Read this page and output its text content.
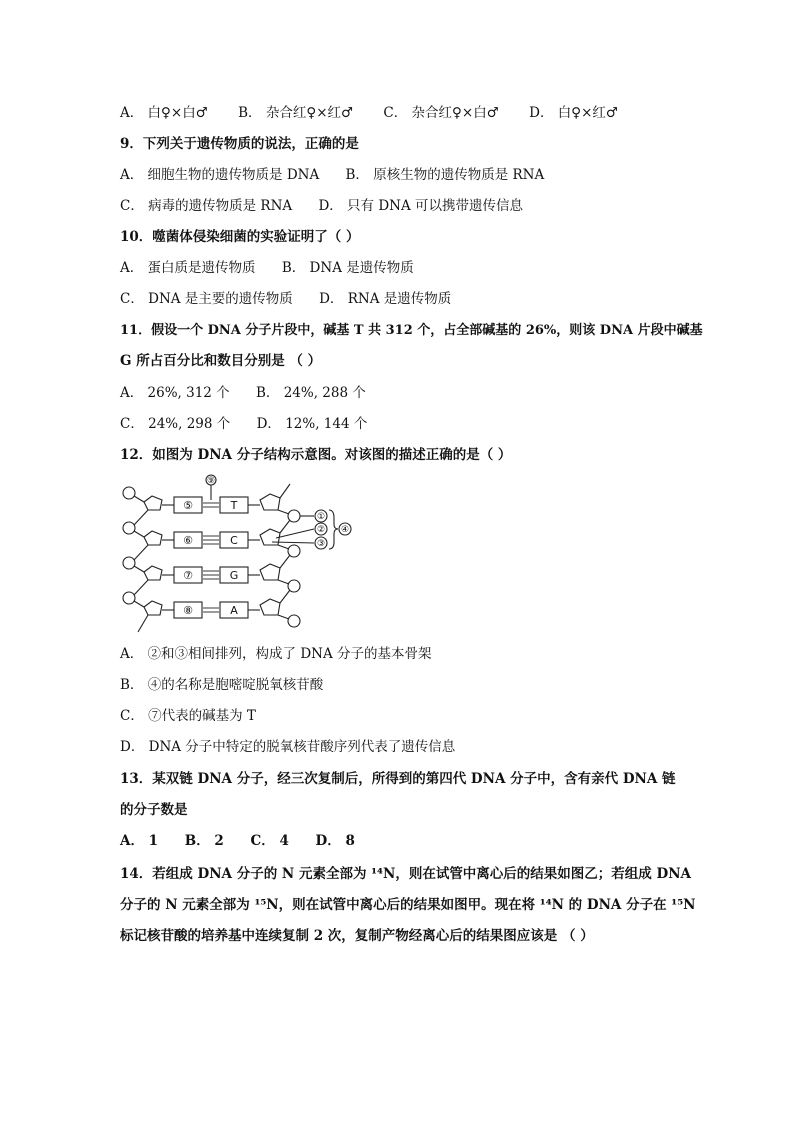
A． 白♀×白♂ B． 杂合红♀×红♂ C． 杂合红♀×白♂ D． 白♀×红♂
9．下列关于遗传物质的说法，正确的是
A． 细胞生物的遗传物质是 DNA B． 原核生物的遗传物质是 RNA
C． 病毒的遗传物质是 RNA D． 只有 DNA 可以携带遗传信息
10．噬菌体侵染细菌的实验证明了（ ）
A． 蛋白质是遗传物质 B． DNA 是遗传物质
C． DNA 是主要的遗传物质 D． RNA 是遗传物质
11．假设一个 DNA 分子片段中，碱基 T 共 312 个，占全部碱基的 26%，则该 DNA 片段中碱基
G 所占百分比和数目分别是 （ ）
A． 26%, 312 个 B． 24%, 288 个
C． 24%, 298 个 D． 12%, 144 个
12．如图为 DNA 分子结构示意图。对该图的描述正确的是（ ）
⑨
①
②
③
④
⑤
⑥
⑦
⑧
T
C
G
A
A． ②和③相间排列，构成了 DNA 分子的基本骨架
B． ④的名称是胞嘧啶脱氧核苷酸
C． ⑦代表的碱基为 T
D． DNA 分子中特定的脱氧核苷酸序列代表了遗传信息
13．某双链 DNA 分子，经三次复制后，所得到的第四代 DNA 分子中，含有亲代 DNA 链
的分子数是
A． 1 B． 2 C． 4 D． 8
14．若组成 DNA 分子的 N 元素全部为 ¹⁴N，则在试管中离心后的结果如图乙；若组成 DNA
分子的 N 元素全部为 ¹⁵N，则在试管中离心后的结果如图甲。现在将 ¹⁴N 的 DNA 分子在 ¹⁵N
标记核苷酸的培养基中连续复制 2 次，复制产物经离心后的结果图应该是 （ ）
